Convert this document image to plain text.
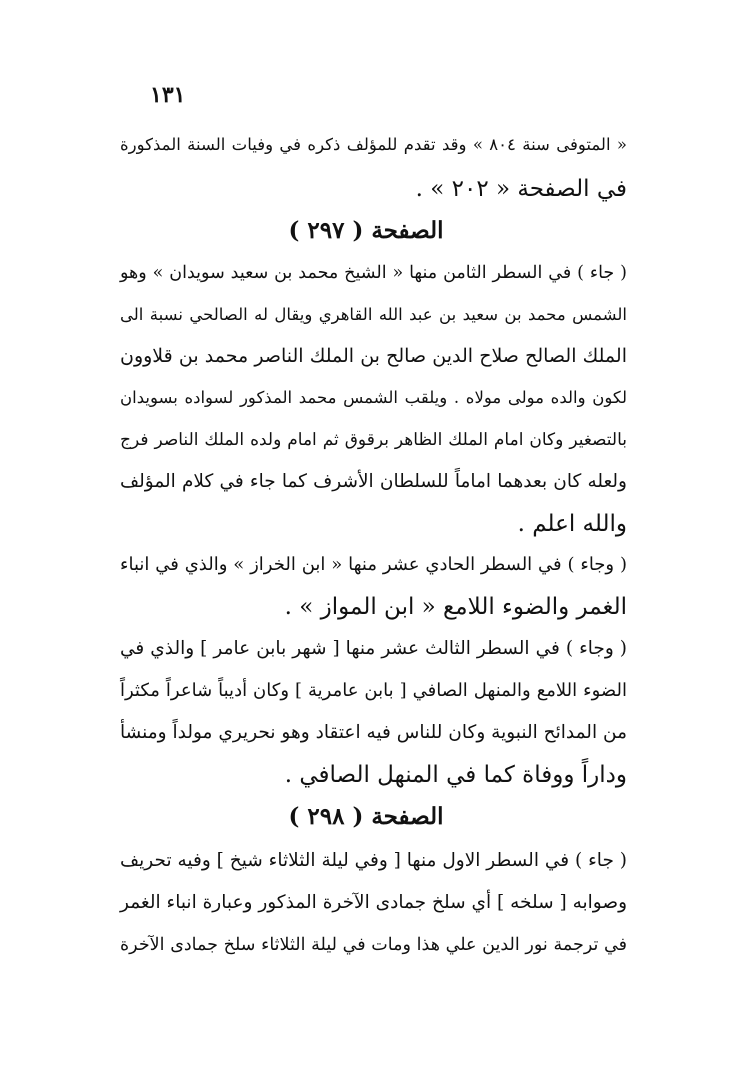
١٣١
« المتوفى سنة ٨٠٤ » وقد تقدم للمؤلف ذكره في وفيات السنة المذكورة
في الصفحة « ٢٠٢ » .
الصفحة ( ٢٩٧ )
( جاء ) في السطر الثامن منها « الشيخ محمد بن سعيد سويدان » وهو
الشمس محمد بن سعيد بن عبد الله القاهري ويقال له الصالحي نسبة الى
الملك الصالح صلاح الدين صالح بن الملك الناصر محمد بن قلاوون
لكون والده مولى مولاه . ويلقب الشمس محمد المذكور لسواده بسويدان
بالتصغير وكان امام الملك الظاهر برقوق ثم امام ولده الملك الناصر فرج
ولعله كان بعدهما اماماً للسلطان الأشرف كما جاء في كلام المؤلف
والله اعلم .
( وجاء ) في السطر الحادي عشر منها « ابن الخراز » والذي في انباء
الغمر والضوء اللامع « ابن المواز » .
( وجاء ) في السطر الثالث عشر منها [ شهر بابن عامر ] والذي في
الضوء اللامع والمنهل الصافي [ بابن عامرية ] وكان أديباً شاعراً مكثراً
من المدائح النبوية وكان للناس فيه اعتقاد وهو نحريري مولداً ومنشأ
وداراً ووفاة كما في المنهل الصافي .
الصفحة ( ٢٩٨ )
( جاء ) في السطر الاول منها [ وفي ليلة الثلاثاء شيخ ] وفيه تحريف
وصوابه [ سلخه ] أي سلخ جمادى الآخرة المذكور وعبارة انباء الغمر
في ترجمة نور الدين علي هذا ومات في ليلة الثلاثاء سلخ جمادى الآخرة
